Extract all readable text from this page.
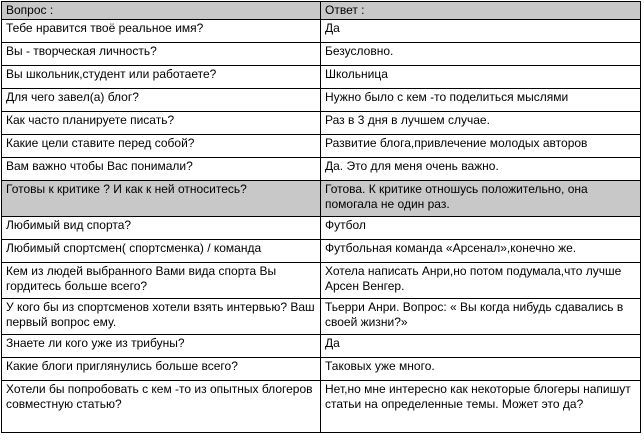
Вопрос :	Ответ :
Тебе нравится твоё реальное имя?	Да
Вы - творческая личность?	Безусловно.
Вы школьник,студент или работаете?	Школьница
Для чего завел(а) блог?	Нужно было с кем -то поделиться мыслями
Как часто планируете писать?	Раз в 3 дня в лучшем случае.
Какие цели ставите перед собой?	Развитие блога,привлечение молодых авторов
Вам важно чтобы Вас понимали?	Да. Это для меня очень важно.
Готовы к критике ? И как к ней относитесь?	Готова. К критике отношусь положительно, она помогала не один раз.
Любимый вид спорта?	Футбол
Любимый спортсмен( спортсменка) / команда	Футбольная команда «Арсенал»,конечно же.
Кем из людей выбранного Вами вида спорта Вы гордитесь больше всего?	Хотела написать Анри,но потом подумала,что лучше Арсен Венгер.
У кого бы из спортсменов хотели взять интервью? Ваш первый вопрос ему.	Тьерри Анри. Вопрос: « Вы когда нибудь сдавались в своей жизни?»
Знаете ли кого уже из трибуны?	Да
Какие блоги приглянулись больше всего?	Таковых уже много.
Хотели бы попробовать с кем -то из опытных блогеров совместную статью?	Нет,но мне интересно как некоторые блогеры напишут статьи на определенные темы. Может это да?
